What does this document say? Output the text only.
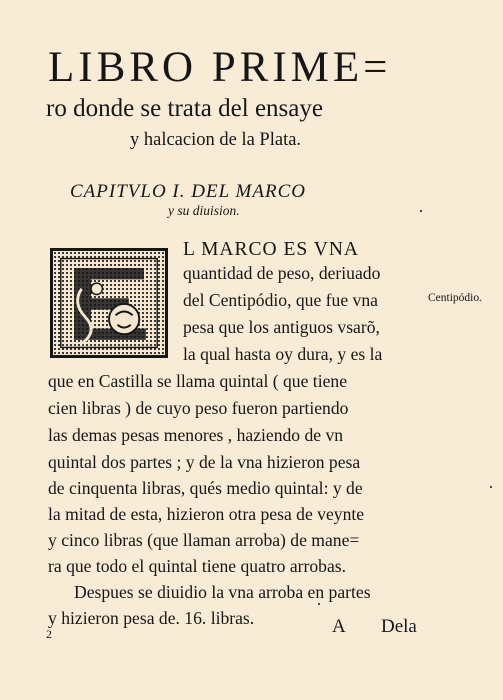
LIBRO PRIME=
ro donde se trata del ensaye
y halcacion de la Plata.
CAPITVLO I. DEL MARCO
y su diuision.
L MARCO ES VNA
quantidad de peso, deriuado
del Centipódio, que fue vna
pesa que los antiguos vsarõ,
la qual hasta oy dura, y es la
que en Castilla se llama quintal ( que tiene
cien libras ) de cuyo peso fueron partiendo
las demas pesas menores , haziendo de vn
quintal dos partes ; y de la vna hizieron pesa
de cinquenta libras, qués medio quintal: y de
la mitad de esta, hizieron otra pesa de veynte
y cinco libras (que llaman arroba) de mane=
ra que todo el quintal tiene quatro arrobas.
Despues se diuidio la vna arroba en partes
y hizieron pesa de. 16. libras.
Centipódio.
2	A Dela
